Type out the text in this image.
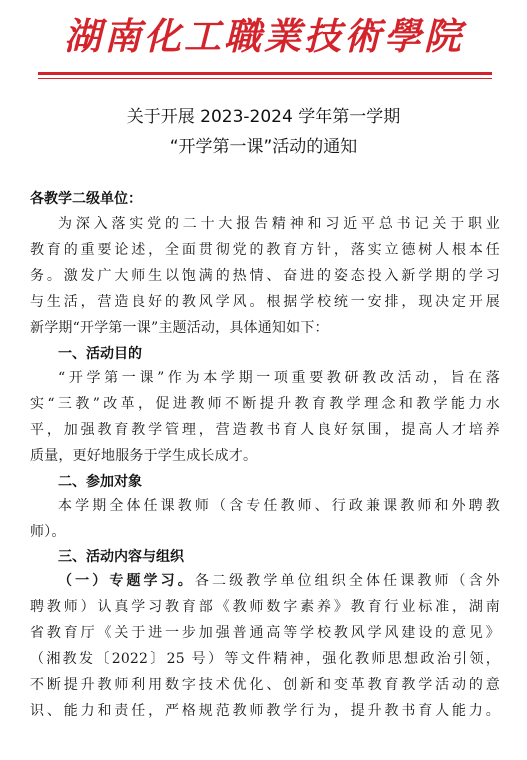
湖南化工職業技術學院
关于开展 2023-2024 学年第一学期
“开学第一课”活动的通知
各教学二级单位：
为深入落实党的二十大报告精神和习近平总书记关于职业
教育的重要论述，全面贯彻党的教育方针，落实立德树人根本任
务。激发广大师生以饱满的热情、奋进的姿态投入新学期的学习
与生活，营造良好的教风学风。根据学校统一安排，现决定开展
新学期“开学第一课”主题活动，具体通知如下：
一、活动目的
“开学第一课”作为本学期一项重要教研教改活动，旨在落
实“三教”改革，促进教师不断提升教育教学理念和教学能力水
平，加强教育教学管理，营造教书育人良好氛围，提高人才培养
质量，更好地服务于学生成长成才。
二、参加对象
本学期全体任课教师（含专任教师、行政兼课教师和外聘教
师）。
三、活动内容与组织
（一）专题学习。各二级教学单位组织全体任课教师（含外
聘教师）认真学习教育部《教师数字素养》教育行业标准，湖南
省教育厅《关于进一步加强普通高等学校教风学风建设的意见》
（湘教发〔2022〕25 号）等文件精神，强化教师思想政治引领，
不断提升教师利用数字技术优化、创新和变革教育教学活动的意
识、能力和责任，严格规范教师教学行为，提升教书育人能力。
